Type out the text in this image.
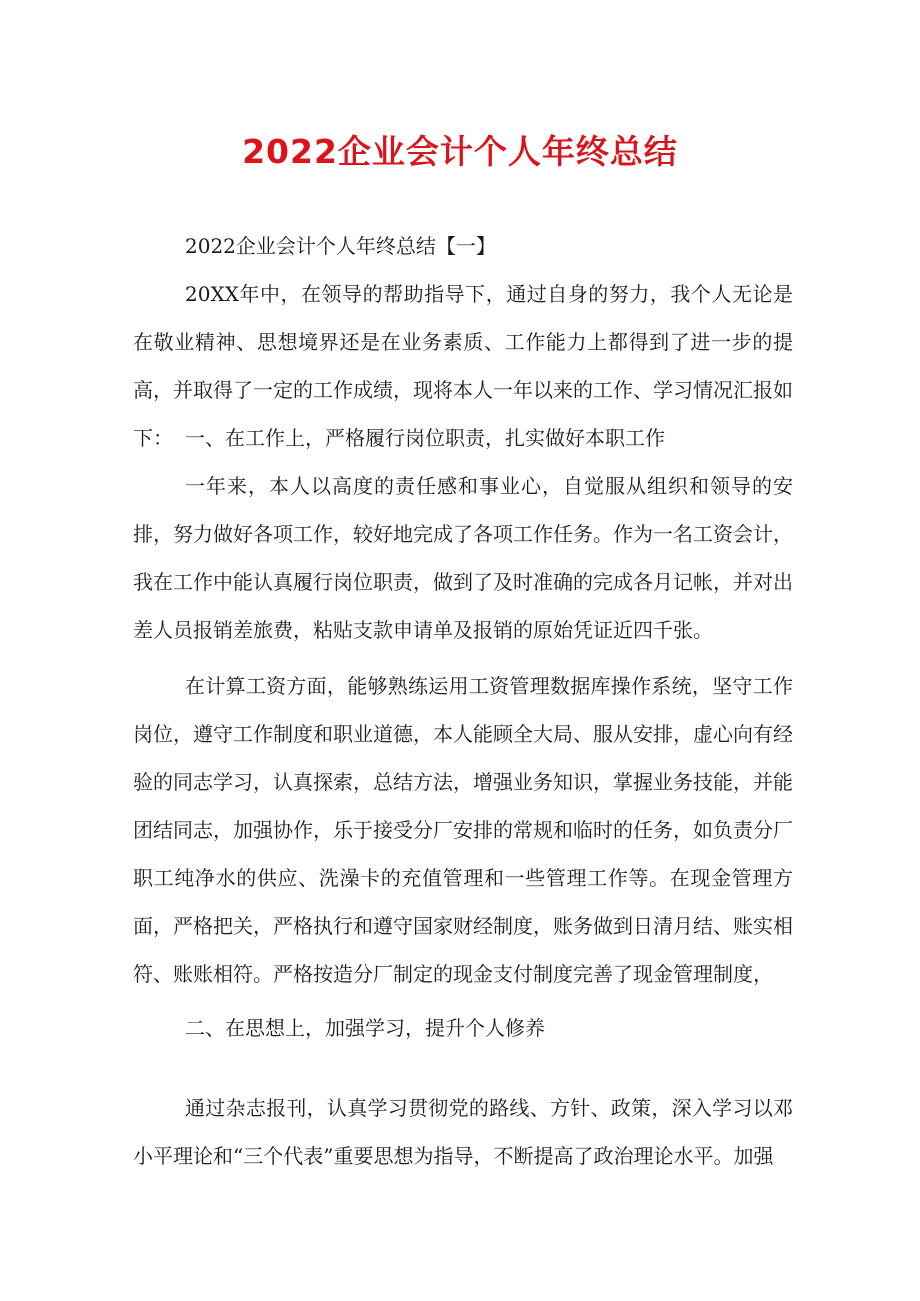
2022企业会计个人年终总结

2022企业会计个人年终总结【一】

20XX年中，在领导的帮助指导下，通过自身的努力，我个人无论是在敬业精神、思想境界还是在业务素质、工作能力上都得到了进一步的提高，并取得了一定的工作成绩，现将本人一年以来的工作、学习情况汇报如下： 一、在工作上，严格履行岗位职责，扎实做好本职工作

一年来，本人以高度的责任感和事业心，自觉服从组织和领导的安排，努力做好各项工作，较好地完成了各项工作任务。作为一名工资会计，我在工作中能认真履行岗位职责，做到了及时准确的完成各月记帐，并对出差人员报销差旅费，粘贴支款申请单及报销的原始凭证近四千张。

在计算工资方面，能够熟练运用工资管理数据库操作系统，坚守工作岗位，遵守工作制度和职业道德，本人能顾全大局、服从安排，虚心向有经验的同志学习，认真探索，总结方法，增强业务知识，掌握业务技能，并能团结同志，加强协作，乐于接受分厂安排的常规和临时的任务，如负责分厂职工纯净水的供应、洗澡卡的充值管理和一些管理工作等。在现金管理方面，严格把关，严格执行和遵守国家财经制度，账务做到日清月结、账实相符、账账相符。严格按造分厂制定的现金支付制度完善了现金管理制度，

二、在思想上，加强学习，提升个人修养

通过杂志报刊，认真学习贯彻党的路线、方针、政策，深入学习以邓小平理论和“三个代表”重要思想为指导，不断提高了政治理论水平。加强
